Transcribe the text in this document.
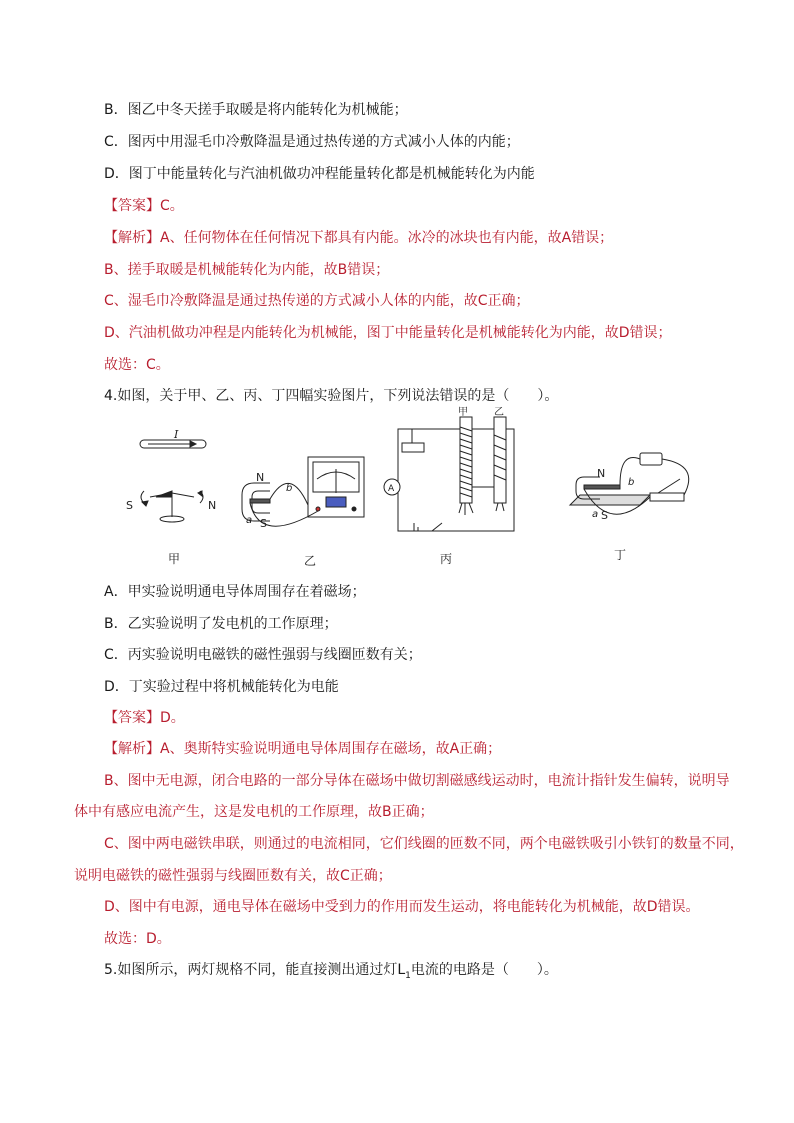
B．图乙中冬天搓手取暖是将内能转化为机械能；
C．图丙中用湿毛巾冷敷降温是通过热传递的方式减小人体的内能；
D．图丁中能量转化与汽油机做功冲程能量转化都是机械能转化为内能
【答案】C。
【解析】A、任何物体在任何情况下都具有内能。冰冷的冰块也有内能，故A错误；
B、搓手取暖是机械能转化为内能，故B错误；
C、湿毛巾冷敷降温是通过热传递的方式减小人体的内能，故C正确；
D、汽油机做功冲程是内能转化为机械能，图丁中能量转化是机械能转化为内能，故D错误；
故选：C。
4.如图，关于甲、乙、丙、丁四幅实验图片，下列说法错误的是（　　）。
I
S	N
甲
N
b
a S
乙
A
甲	乙
丙
N
b
a S
丁
A．甲实验说明通电导体周围存在着磁场；
B．乙实验说明了发电机的工作原理；
C．丙实验说明电磁铁的磁性强弱与线圈匝数有关；
D．丁实验过程中将机械能转化为电能
【答案】D。
【解析】A、奥斯特实验说明通电导体周围存在磁场，故A正确；
B、图中无电源，闭合电路的一部分导体在磁场中做切割磁感线运动时，电流计指针发生偏转，说明导
体中有感应电流产生，这是发电机的工作原理，故B正确；
C、图中两电磁铁串联，则通过的电流相同，它们线圈的匝数不同，两个电磁铁吸引小铁钉的数量不同，
说明电磁铁的磁性强弱与线圈匝数有关，故C正确；
D、图中有电源，通电导体在磁场中受到力的作用而发生运动，将电能转化为机械能，故D错误。
故选：D。
5.如图所示，两灯规格不同，能直接测出通过灯$L_1$电流的电路是（　　）。
